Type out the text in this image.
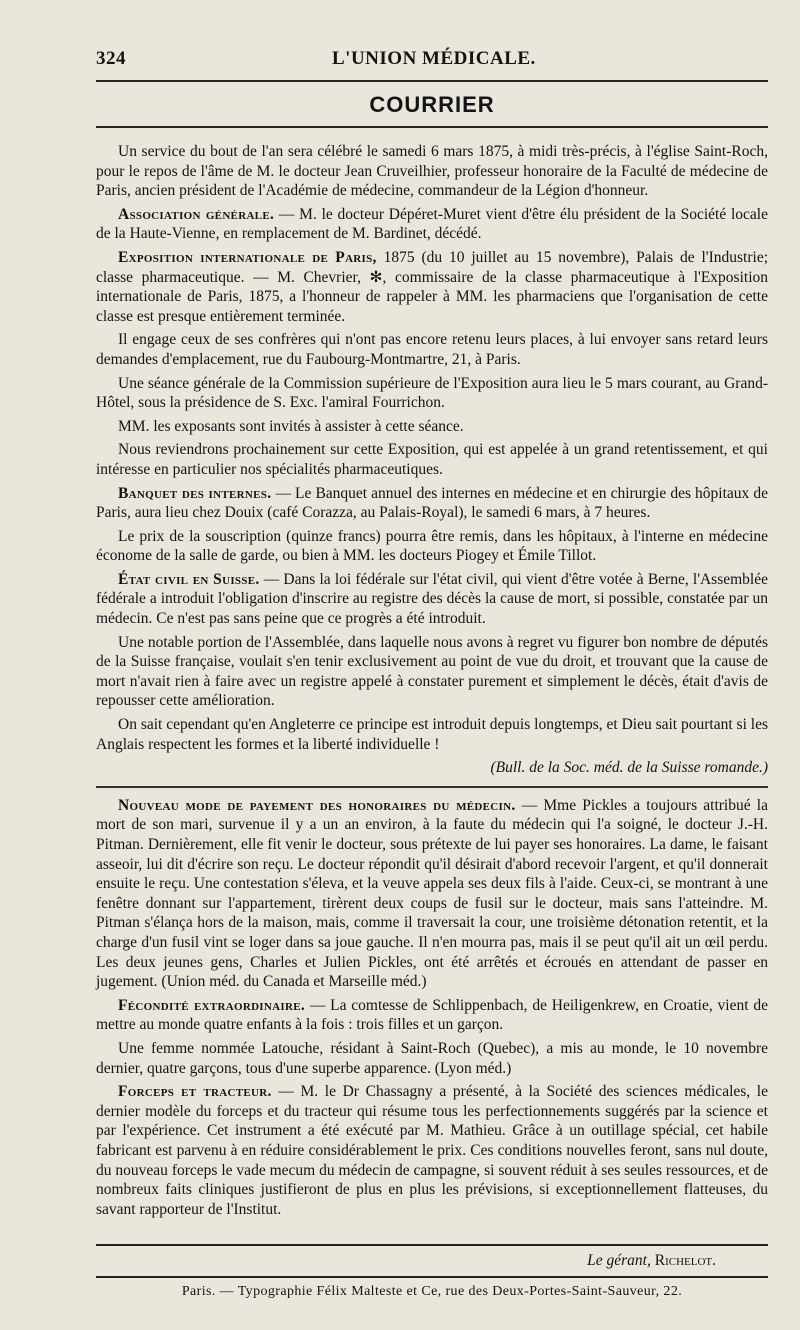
324	L'UNION MÉDICALE.
COURRIER

Un service du bout de l'an sera célébré le samedi 6 mars 1875, à midi très-précis, à l'église Saint-Roch, pour le repos de l'âme de M. le docteur Jean Cruveilhier, professeur honoraire de la Faculté de médecine de Paris, ancien président de l'Académie de médecine, commandeur de la Légion d'honneur.

Association générale. — M. le docteur Dépéret-Muret vient d'être élu président de la Société locale de la Haute-Vienne, en remplacement de M. Bardinet, décédé.

Exposition internationale de Paris, 1875 (du 10 juillet au 15 novembre), Palais de l'Industrie; classe pharmaceutique. — M. Chevrier, ✻, commissaire de la classe pharmaceutique à l'Exposition internationale de Paris, 1875, a l'honneur de rappeler à MM. les pharmaciens que l'organisation de cette classe est presque entièrement terminée.

Il engage ceux de ses confrères qui n'ont pas encore retenu leurs places, à lui envoyer sans retard leurs demandes d'emplacement, rue du Faubourg-Montmartre, 21, à Paris.

Une séance générale de la Commission supérieure de l'Exposition aura lieu le 5 mars courant, au Grand-Hôtel, sous la présidence de S. Exc. l'amiral Fourrichon.

MM. les exposants sont invités à assister à cette séance.

Nous reviendrons prochainement sur cette Exposition, qui est appelée à un grand retentissement, et qui intéresse en particulier nos spécialités pharmaceutiques.

Banquet des internes. — Le Banquet annuel des internes en médecine et en chirurgie des hôpitaux de Paris, aura lieu chez Douix (café Corazza, au Palais-Royal), le samedi 6 mars, à 7 heures.

Le prix de la souscription (quinze francs) pourra être remis, dans les hôpitaux, à l'interne en médecine économe de la salle de garde, ou bien à MM. les docteurs Piogey et Émile Tillot.

État civil en Suisse. — Dans la loi fédérale sur l'état civil, qui vient d'être votée à Berne, l'Assemblée fédérale a introduit l'obligation d'inscrire au registre des décès la cause de mort, si possible, constatée par un médecin. Ce n'est pas sans peine que ce progrès a été introduit.

Une notable portion de l'Assemblée, dans laquelle nous avons à regret vu figurer bon nombre de députés de la Suisse française, voulait s'en tenir exclusivement au point de vue du droit, et trouvant que la cause de mort n'avait rien à faire avec un registre appelé à constater purement et simplement le décès, était d'avis de repousser cette amélioration.

On sait cependant qu'en Angleterre ce principe est introduit depuis longtemps, et Dieu sait pourtant si les Anglais respectent les formes et la liberté individuelle !

(Bull. de la Soc. méd. de la Suisse romande.)

Nouveau mode de payement des honoraires du médecin. — Mme Pickles a toujours attribué la mort de son mari, survenue il y a un an environ, à la faute du médecin qui l'a soigné, le docteur J.-H. Pitman. Dernièrement, elle fit venir le docteur, sous prétexte de lui payer ses honoraires. La dame, le faisant asseoir, lui dit d'écrire son reçu. Le docteur répondit qu'il désirait d'abord recevoir l'argent, et qu'il donnerait ensuite le reçu. Une contestation s'éleva, et la veuve appela ses deux fils à l'aide. Ceux-ci, se montrant à une fenêtre donnant sur l'appartement, tirèrent deux coups de fusil sur le docteur, mais sans l'atteindre. M. Pitman s'élança hors de la maison, mais, comme il traversait la cour, une troisième détonation retentit, et la charge d'un fusil vint se loger dans sa joue gauche. Il n'en mourra pas, mais il se peut qu'il ait un œil perdu. Les deux jeunes gens, Charles et Julien Pickles, ont été arrêtés et écroués en attendant de passer en jugement. (Union méd. du Canada et Marseille méd.)

Fécondité extraordinaire. — La comtesse de Schlippenbach, de Heiligenkrew, en Croatie, vient de mettre au monde quatre enfants à la fois : trois filles et un garçon.

Une femme nommée Latouche, résidant à Saint-Roch (Quebec), a mis au monde, le 10 novembre dernier, quatre garçons, tous d'une superbe apparence. (Lyon méd.)

Forceps et tracteur. — M. le Dr Chassagny a présenté, à la Société des sciences médicales, le dernier modèle du forceps et du tracteur qui résume tous les perfectionnements suggérés par la science et par l'expérience. Cet instrument a été exécuté par M. Mathieu. Grâce à un outillage spécial, cet habile fabricant est parvenu à en réduire considérablement le prix. Ces conditions nouvelles feront, sans nul doute, du nouveau forceps le vade mecum du médecin de campagne, si souvent réduit à ses seules ressources, et de nombreux faits cliniques justifieront de plus en plus les prévisions, si exceptionnellement flatteuses, du savant rapporteur de l'Institut.

Le gérant, Richelot.
Paris. — Typographie Félix Malteste et Ce, rue des Deux-Portes-Saint-Sauveur, 22.
